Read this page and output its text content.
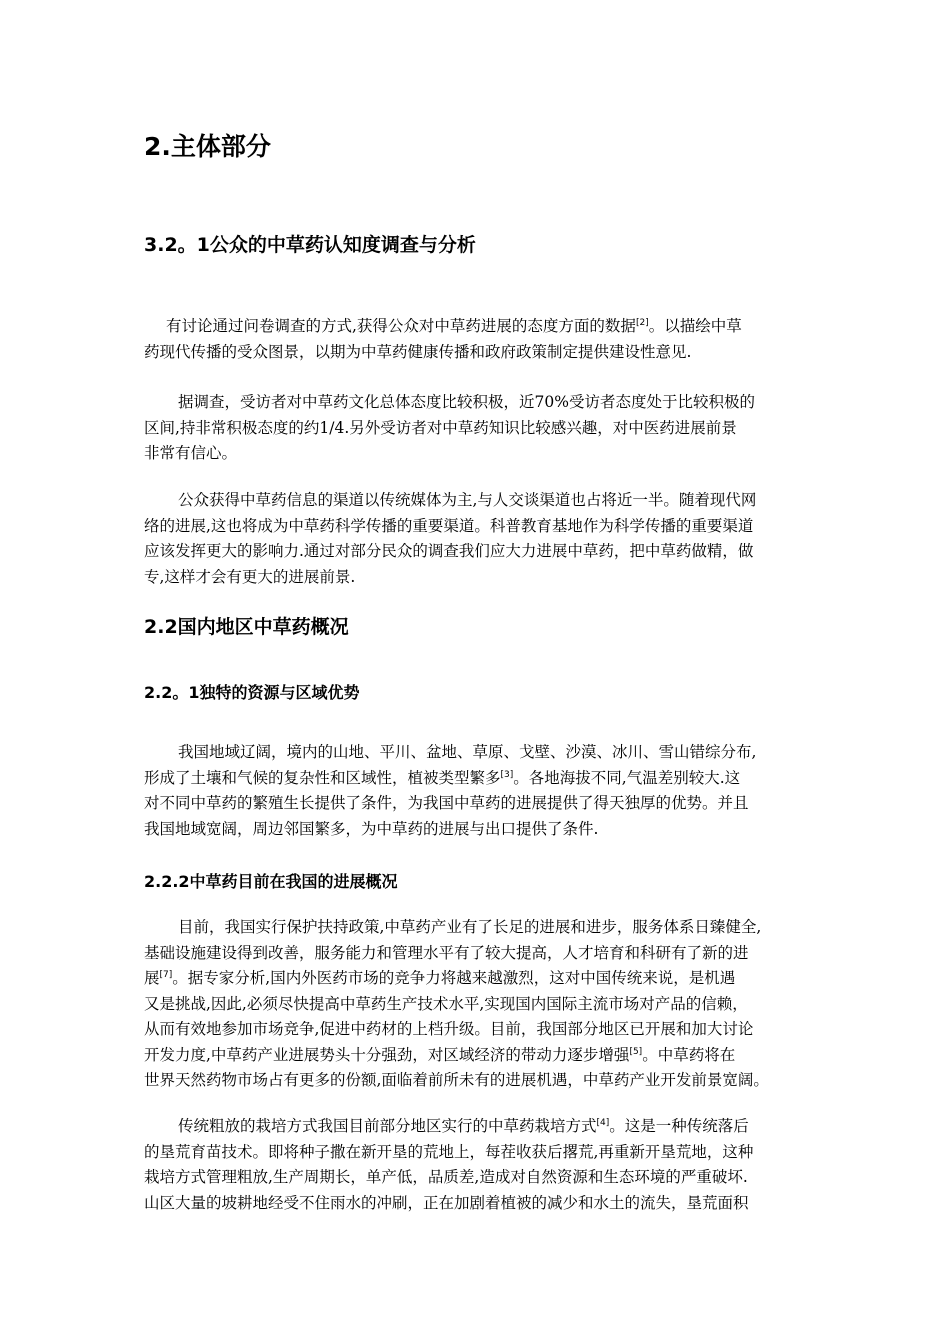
2.主体部分
3.2。1公众的中草药认知度调查与分析
有讨论通过问卷调查的方式,获得公众对中草药进展的态度方面的数据[2]。以描绘中草
药现代传播的受众图景，以期为中草药健康传播和政府政策制定提供建设性意见.
据调查，受访者对中草药文化总体态度比较积极，近70%受访者态度处于比较积极的
区间,持非常积极态度的约1/4.另外受访者对中草药知识比较感兴趣，对中医药进展前景
非常有信心。
公众获得中草药信息的渠道以传统媒体为主,与人交谈渠道也占将近一半。随着现代网
络的进展,这也将成为中草药科学传播的重要渠道。科普教育基地作为科学传播的重要渠道
应该发挥更大的影响力.通过对部分民众的调查我们应大力进展中草药，把中草药做精，做
专,这样才会有更大的进展前景.
2.2国内地区中草药概况
2.2。1独特的资源与区域优势
我国地域辽阔，境内的山地、平川、盆地、草原、戈壁、沙漠、冰川、雪山错综分布,
形成了土壤和气候的复杂性和区域性，植被类型繁多[3]。各地海拔不同,气温差别较大.这
对不同中草药的繁殖生长提供了条件，为我国中草药的进展提供了得天独厚的优势。并且
我国地域宽阔，周边邻国繁多，为中草药的进展与出口提供了条件.
2.2.2中草药目前在我国的进展概况
目前，我国实行保护扶持政策,中草药产业有了长足的进展和进步，服务体系日臻健全,
基础设施建设得到改善，服务能力和管理水平有了较大提高，人才培育和科研有了新的进
展[7]。据专家分析,国内外医药市场的竞争力将越来越激烈，这对中国传统来说，是机遇
又是挑战,因此,必须尽快提高中草药生产技术水平,实现国内国际主流市场对产品的信赖，
从而有效地参加市场竞争,促进中药材的上档升级。目前，我国部分地区已开展和加大讨论
开发力度,中草药产业进展势头十分强劲，对区域经济的带动力逐步增强[5]。中草药将在
世界天然药物市场占有更多的份额,面临着前所未有的进展机遇，中草药产业开发前景宽阔。
传统粗放的栽培方式我国目前部分地区实行的中草药栽培方式[4]。这是一种传统落后
的垦荒育苗技术。即将种子撒在新开垦的荒地上，每茬收获后撂荒,再重新开垦荒地，这种
栽培方式管理粗放,生产周期长，单产低，品质差,造成对自然资源和生态环境的严重破坏.
山区大量的坡耕地经受不住雨水的冲刷，正在加剧着植被的减少和水土的流失，垦荒面积
